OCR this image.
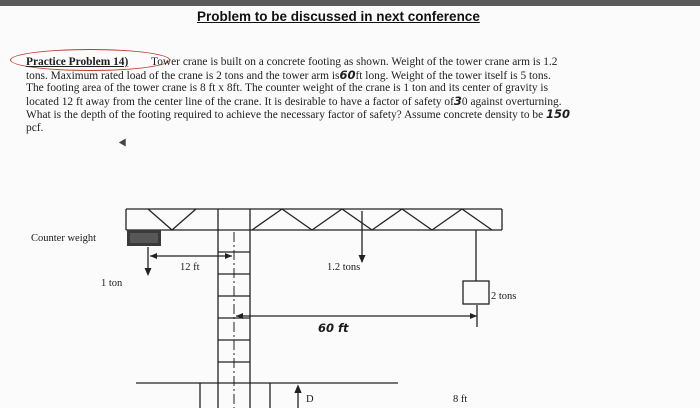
Problem to be discussed in next conference
Practice Problem 14) Tower crane is built on a concrete footing as shown. Weight of the tower crane arm is 1.2
tons. Maximum rated load of the crane is 2 tons and the tower arm is60ft long. Weight of the tower itself is 5 tons.
The footing area of the tower crane is 8 ft x 8ft. The counter weight of the crane is 1 ton and its center of gravity is
located 12 ft away from the center line of the crane. It is desirable to have a factor of safety of30 against overturning.
What is the depth of the footing required to achieve the necessary factor of safety? Assume concrete density to be 150
pcf.
Counter weight
1 ton
12 ft	1.2 tons
2 tons
60 ft
8 ft
D
